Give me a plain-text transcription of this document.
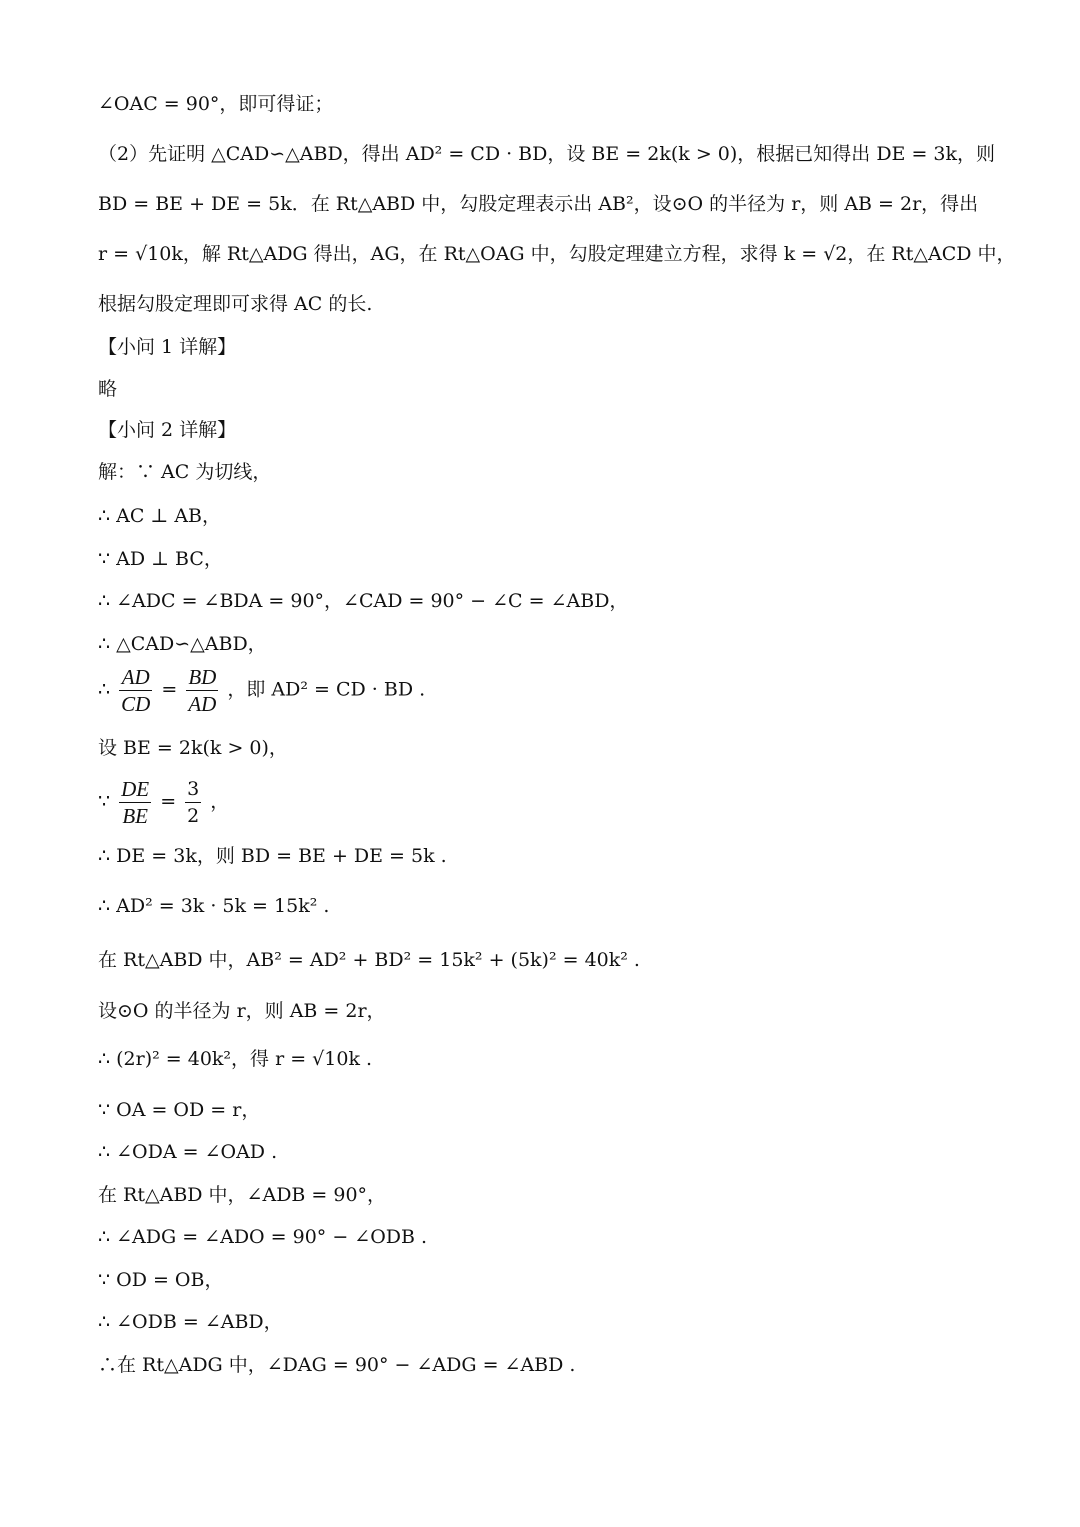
∠OAC = 90°，即可得证；
（2）先证明 △CAD∽△ABD，得出 AD² = CD · BD，设 BE = 2k(k > 0)，根据已知得出 DE = 3k，则
BD = BE + DE = 5k．在 Rt△ABD 中，勾股定理表示出 AB²，设⊙O 的半径为 r，则 AB = 2r，得出
r = √10k，解 Rt△ADG 得出，AG，在 Rt△OAG 中，勾股定理建立方程，求得 k = √2，在 Rt△ACD 中，
根据勾股定理即可求得 AC 的长.
【小问 1 详解】
略
【小问 2 详解】
解：∵ AC 为切线，
∴ AC ⊥ AB，
∵ AD ⊥ BC，
∴ ∠ADC = ∠BDA = 90°，∠CAD = 90° − ∠C = ∠ABD，
∴ △CAD∽△ABD，
∴ $\frac{AD}{CD} = \frac{BD}{AD}$ ，即 AD² = CD · BD .
设 BE = 2k(k > 0)，
∵ $\frac{DE}{BE} = \frac{3}{2}$ ，
∴ DE = 3k，则 BD = BE + DE = 5k .
∴ AD² = 3k · 5k = 15k² .
在 Rt△ABD 中，AB² = AD² + BD² = 15k² + (5k)² = 40k² .
设⊙O 的半径为 r，则 AB = 2r，
∴ (2r)² = 40k²，得 r = √10k .
∵ OA = OD = r，
∴ ∠ODA = ∠OAD .
在 Rt△ABD 中，∠ADB = 90°，
∴ ∠ADG = ∠ADO = 90° − ∠ODB .
∵ OD = OB，
∴ ∠ODB = ∠ABD，
∴在 Rt△ADG 中，∠DAG = 90° − ∠ADG = ∠ABD .
